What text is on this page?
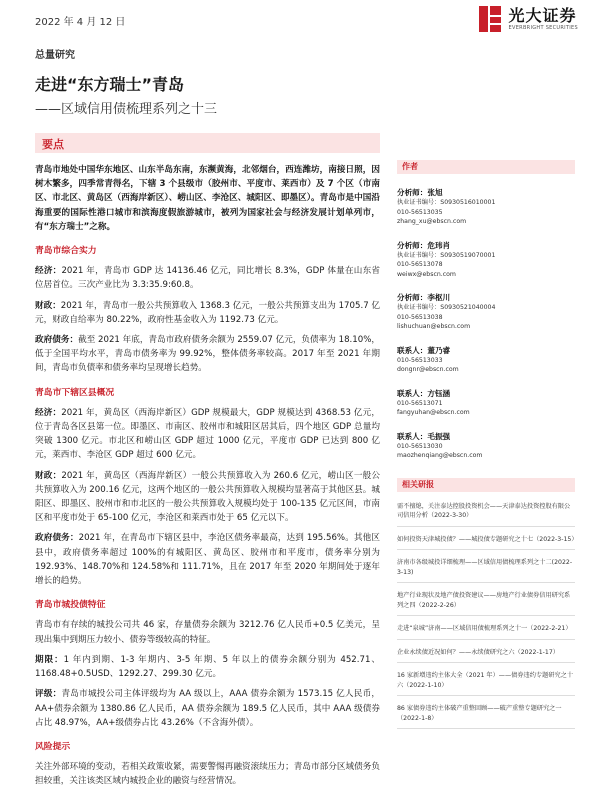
2022 年 4 月 12 日	光大证券
EVERBRIGHT SECURITIES
总量研究
走进“东方瑞士”青岛
——区域信用债梳理系列之十三
要点

青岛市地处中国华东地区、山东半岛东南，东濒黄海，北邻烟台，西连潍坊，南接日照，因树木繁多，四季常青得名，下辖 3 个县级市（胶州市、平度市、莱西市）及 7 个区（市南区、市北区、黄岛区（西海岸新区）、崂山区、李沧区、城阳区、即墨区）。青岛市是中国沿海重要的国际性港口城市和滨海度假旅游城市，被列为国家社会与经济发展计划单列市，有“东方瑞士”之称。

青岛市综合实力

经济：2021 年，青岛市 GDP 达 14136.46 亿元，同比增长 8.3%，GDP 体量在山东省位居首位。三次产业比为 3.3:35.9:60.8。

财政：2021 年，青岛市一般公共预算收入 1368.3 亿元，一般公共预算支出为 1705.7 亿元，财政自给率为 80.22%，政府性基金收入为 1192.73 亿元。

政府债务：截至 2021 年底，青岛市政府债务余额为 2559.07 亿元，负债率为 18.10%，低于全国平均水平，青岛市债务率为 99.92%，整体债务率较高。2017 年至 2021 年期间，青岛市负债率和债务率均呈现增长趋势。

青岛市下辖区县概况

经济：2021 年，黄岛区（西海岸新区）GDP 规模最大，GDP 规模达到 4368.53 亿元，位于青岛各区县第一位。即墨区、市南区、胶州市和城阳区居其后，四个地区 GDP 总量均突破 1300 亿元。市北区和崂山区 GDP 超过 1000 亿元，平度市 GDP 已达到 800 亿元，莱西市、李沧区 GDP 超过 600 亿元。

财政：2021 年，黄岛区（西海岸新区）一般公共预算收入为 260.6 亿元，崂山区一般公共预算收入为 200.16 亿元，这两个地区的一般公共预算收入规模均显著高于其他区县。城阳区、即墨区、胶州市和市北区的一般公共预算收入规模均处于 100-135 亿元区间，市南区和平度市处于 65-100 亿元，李沧区和莱西市处于 65 亿元以下。

政府债务：2021 年，在青岛市下辖区县中，李沧区债务率最高，达到 195.56%。其他区县中，政府债务率超过 100%的有城阳区、黄岛区、胶州市和平度市，债务率分别为 192.93%、148.70%和 124.58%和 111.71%，且在 2017 年至 2020 年期间处于逐年增长的趋势。

青岛市城投债特征

青岛市有存续的城投公司共 46 家，存量债券余额为 3212.76 亿人民币+0.5 亿美元，呈现出集中到期压力较小、债券等级较高的特征。

期限：1 年内到期、1-3 年期内、3-5 年期、5 年以上的债券余额分别为 452.71、1168.48+0.5USD、1292.27、299.30 亿元。

评级：青岛市城投公司主体评级均为 AA 级以上，AAA 债券余额为 1573.15 亿人民币，AA+债券余额为 1380.86 亿人民币，AA 债券余额为 189.5 亿人民币，其中 AAA 级债券占比 48.97%，AA+级债券占比 43.26%（不含海外债）。

风险提示

关注外部环境的变动，若相关政策收紧，需要警惕再融资滚续压力；青岛市部分区域债务负担较重，关注该类区域内城投企业的融资与经营情况。

作者
分析师：张旭
执业证书编号：S0930516010001
010-56513035
zhang_xu@ebscn.com
分析师：危玮肖
执业证书编号：S0930519070001
010-56513078
weiwx@ebscn.com
分析师：李枢川
执业证书编号：S0930521040004
010-56513038
lishuchuan@ebscn.com
联系人：董乃睿
010-56513033
dongnr@ebscn.com
联系人：方钰涵
010-56513071
fangyuhan@ebscn.com
联系人：毛振强
010-56513030
maozhenqiang@ebscn.com
相关研报
需不擅熄，关注泰达控股投资机会——天津泰达投资控股有限公司信用分析（2022-3-30）
如何投资天津城投债？——城投债专题研究之十七（2022-3-15）
济南市各级城投详细梳理——区域信用债梳理系列之十二(2022-3-13)
地产行业现状及地产债投资建议——房地产行业债券信用研究系列之四（2022-2-26）
走进“泉城”济南——区域信用债梳理系列之十一（2022-2-21）
企业永续债近况如何？——永续债研究之六（2022-1-17）
16 家新增违约主体大全（2021 年）——债券违约专题研究之十六（2022-1-10）
86 家债券违约主体破产重整回顾——破产重整专题研究之一（2022-1-8）
